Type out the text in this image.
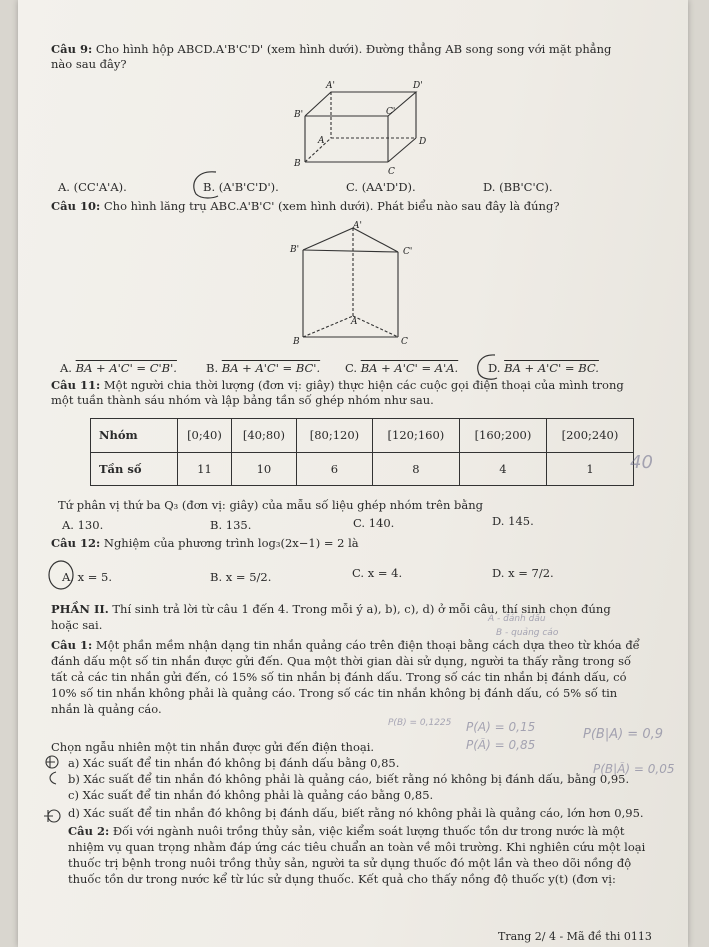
Câu 9: Cho hình hộp ABCD.A'B'C'D' (xem hình dưới). Đường thẳng AB song song với mặt phẳng
nào sau đây?
A'	D'
B'	C'
A	D
B
C
A. (CC'A'A).	B. (A'B'C'D').	C. (AA'D'D).	D. (BB'C'C).
Câu 10: Cho hình lăng trụ ABC.A'B'C' (xem hình dưới). Phát biểu nào sau đây là đúng?
A'
B'	C'
A
B	C
A. BA + A'C' = C'B'.	B. BA + A'C' = BC'. C. BA + A'C' = A'A.	D. BA + A'C' = BC.
Câu 11: Một người chia thời lượng (đơn vị: giây) thực hiện các cuộc gọi điện thoại của mình trong
một tuần thành sáu nhóm và lập bảng tần số ghép nhóm như sau.
Nhóm	[0;40)	[40;80)	[80;120)	[120;160)	[160;200)	[200;240)
Tần số	11	10	6	8	4	1 40
Tứ phân vị thứ ba Q₃ (đơn vị: giây) của mẫu số liệu ghép nhóm trên bằng
A. 130.	B. 135.	C. 140.	D. 145.
Câu 12: Nghiệm của phương trình log₃(2x−1) = 2 là
A. x = 5.	B. x = 5/2.	C. x = 4.	D. x = 7/2.
PHẦN II. Thí sinh trả lời từ câu 1 đến 4. Trong mỗi ý a), b), c), d) ở mỗi câu, thí sinh chọn đúng
hoặc sai.	A - đánh dấu
B - quảng cáo
Câu 1: Một phần mềm nhận dạng tin nhắn quảng cáo trên điện thoại bằng cách dựa theo từ khóa để
đánh dấu một số tin nhắn được gửi đến. Qua một thời gian dài sử dụng, người ta thấy rằng trong số
tất cả các tin nhắn gửi đến, có 15% số tin nhắn bị đánh dấu. Trong số các tin nhắn bị đánh dấu, có
10% số tin nhắn không phải là quảng cáo. Trong số các tin nhắn không bị đánh dấu, có 5% số tin
nhắn là quảng cáo.
P(B) = 0,1225 P(A) = 0,15
P(Ā) = 0,85
P(B|A) = 0,9
P(B|Ā) = 0,05
Chọn ngẫu nhiên một tin nhắn được gửi đến điện thoại.
a) Xác suất để tin nhắn đó không bị đánh dấu bằng 0,85.
b) Xác suất để tin nhắn đó không phải là quảng cáo, biết rằng nó không bị đánh dấu, bằng 0,95.
c) Xác suất để tin nhắn đó không phải là quảng cáo bằng 0,85.
d) Xác suất để tin nhắn đó không bị đánh dấu, biết rằng nó không phải là quảng cáo, lớn hơn 0,95.
Câu 2: Đối với ngành nuôi trồng thủy sản, việc kiểm soát lượng thuốc tồn dư trong nước là một
nhiệm vụ quan trọng nhằm đáp ứng các tiêu chuẩn an toàn về môi trường. Khi nghiên cứu một loại
thuốc trị bệnh trong nuôi trồng thủy sản, người ta sử dụng thuốc đó một lần và theo dõi nồng độ
thuốc tồn dư trong nước kể từ lúc sử dụng thuốc. Kết quả cho thấy nồng độ thuốc y(t) (đơn vị:
Trang 2/ 4 - Mã đề thi 0113
